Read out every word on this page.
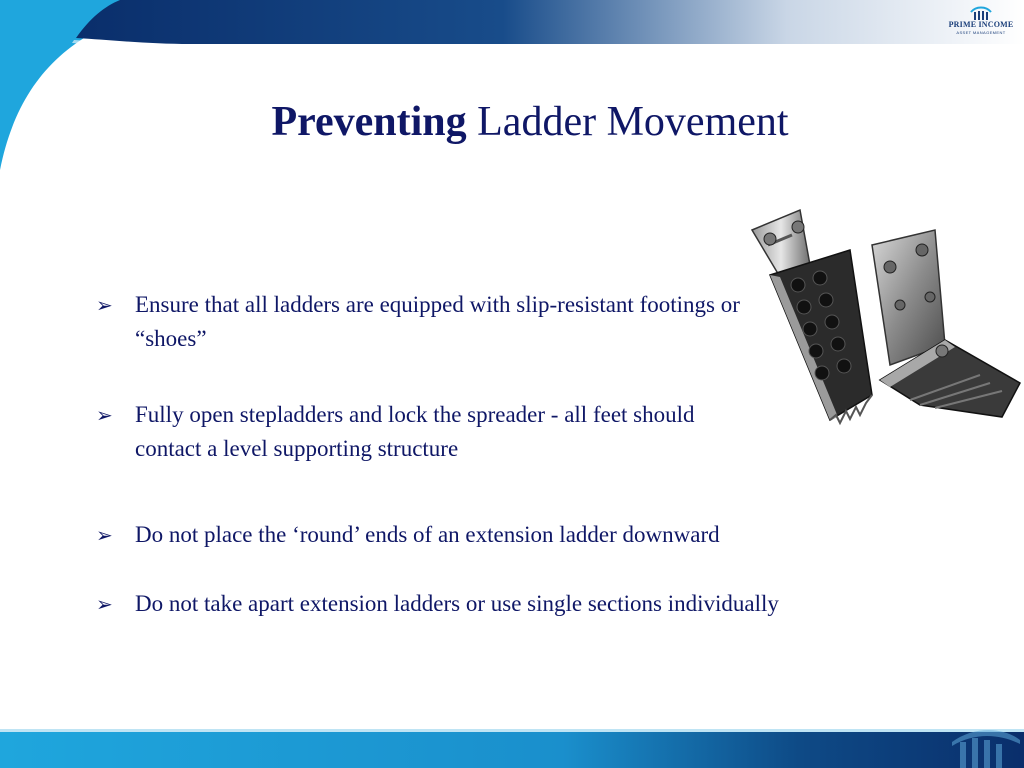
PRIME INCOME
ASSET MANAGEMENT
Preventing Ladder Movement
➢ Ensure that all ladders are equipped with slip-resistant footings or “shoes”
➢ Fully open stepladders and lock the spreader - all feet should contact a level supporting structure
➢ Do not place the ‘round’ ends of an extension ladder downward
➢ Do not take apart extension ladders or use single sections individually
